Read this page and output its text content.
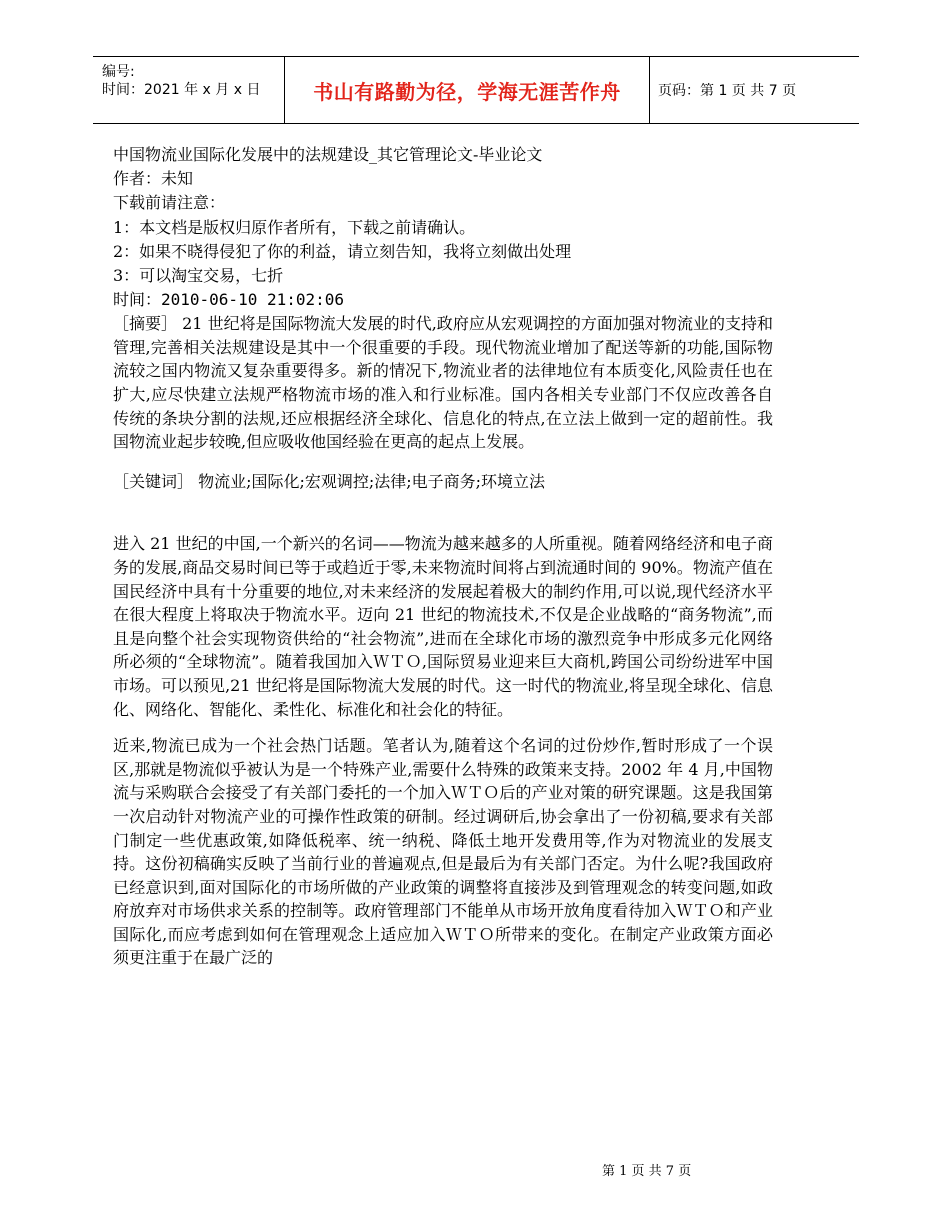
编号:
时间：2021 年 x 月 x 日	书山有路勤为径，学海无涯苦作舟	页码：第 1 页 共 7 页
中国物流业国际化发展中的法规建设_其它管理论文-毕业论文
作者：未知
下载前请注意：
1：本文档是版权归原作者所有，下载之前请确认。
2：如果不晓得侵犯了你的利益，请立刻告知，我将立刻做出处理
3：可以淘宝交易，七折
时间：2010-06-10 21:02:06

［摘要］ 21 世纪将是国际物流大发展的时代,政府应从宏观调控的方面加强对物流业的支持和管理,完善相关法规建设是其中一个很重要的手段。现代物流业增加了配送等新的功能,国际物流较之国内物流又复杂重要得多。新的情况下,物流业者的法律地位有本质变化,风险责任也在扩大,应尽快建立法规严格物流市场的准入和行业标准。国内各相关专业部门不仅应改善各自传统的条块分割的法规,还应根据经济全球化、信息化的特点,在立法上做到一定的超前性。我国物流业起步较晚,但应吸收他国经验在更高的起点上发展。

［关键词］ 物流业;国际化;宏观调控;法律;电子商务;环境立法

进入 21 世纪的中国,一个新兴的名词——物流为越来越多的人所重视。随着网络经济和电子商务的发展,商品交易时间已等于或趋近于零,未来物流时间将占到流通时间的 90%。物流产值在国民经济中具有十分重要的地位,对未来经济的发展起着极大的制约作用,可以说,现代经济水平在很大程度上将取决于物流水平。迈向 21 世纪的物流技术,不仅是企业战略的“商务物流”,而且是向整个社会实现物资供给的“社会物流”,进而在全球化市场的激烈竞争中形成多元化网络所必须的“全球物流”。随着我国加入ＷＴＯ,国际贸易业迎来巨大商机,跨国公司纷纷进军中国市场。可以预见,21 世纪将是国际物流大发展的时代。这一时代的物流业,将呈现全球化、信息化、网络化、智能化、柔性化、标准化和社会化的特征。

近来,物流已成为一个社会热门话题。笔者认为,随着这个名词的过份炒作,暂时形成了一个误区,那就是物流似乎被认为是一个特殊产业,需要什么特殊的政策来支持。2002 年 4 月,中国物流与采购联合会接受了有关部门委托的一个加入ＷＴＯ后的产业对策的研究课题。这是我国第一次启动针对物流产业的可操作性政策的研制。经过调研后,协会拿出了一份初稿,要求有关部门制定一些优惠政策,如降低税率、统一纳税、降低土地开发费用等,作为对物流业的发展支持。这份初稿确实反映了当前行业的普遍观点,但是最后为有关部门否定。为什么呢?我国政府已经意识到,面对国际化的市场所做的产业政策的调整将直接涉及到管理观念的转变问题,如政府放弃对市场供求关系的控制等。政府管理部门不能单从市场开放角度看待加入ＷＴＯ和产业国际化,而应考虑到如何在管理观念上适应加入ＷＴＯ所带来的变化。在制定产业政策方面必须更注重于在最广泛的

第 1 页 共 7 页
